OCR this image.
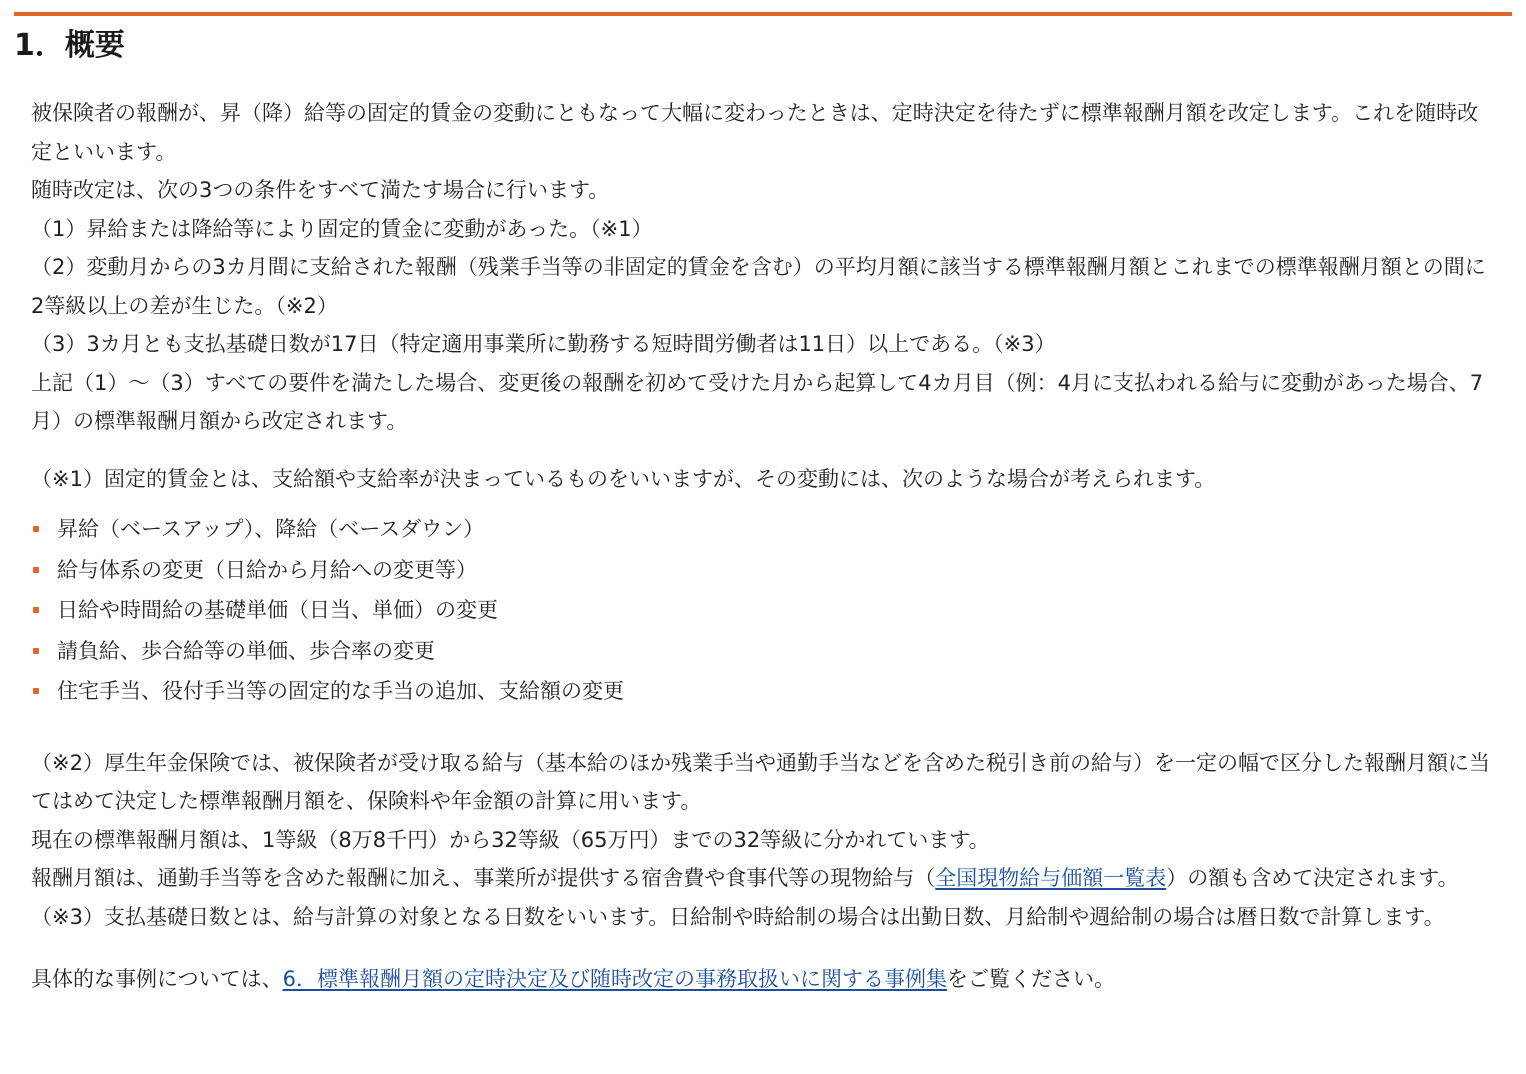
1．概要

被保険者の報酬が、昇（降）給等の固定的賃金の変動にともなって大幅に変わったときは、定時決定を待たずに標準報酬月額を改定します。これを随時改定といいます。

随時改定は、次の3つの条件をすべて満たす場合に行います。

（1）昇給または降給等により固定的賃金に変動があった。（※1）

（2）変動月からの3カ月間に支給された報酬（残業手当等の非固定的賃金を含む）の平均月額に該当する標準報酬月額とこれまでの標準報酬月額との間に2等級以上の差が生じた。（※2）

（3）3カ月とも支払基礎日数が17日（特定適用事業所に勤務する短時間労働者は11日）以上である。（※3）

上記（1）～（3）すべての要件を満たした場合、変更後の報酬を初めて受けた月から起算して4カ月目（例：4月に支払われる給与に変動があった場合、7月）の標準報酬月額から改定されます。

（※1）固定的賃金とは、支給額や支給率が決まっているものをいいますが、その変動には、次のような場合が考えられます。

昇給（ベースアップ）、降給（ベースダウン）
給与体系の変更（日給から月給への変更等）
日給や時間給の基礎単価（日当、単価）の変更
請負給、歩合給等の単価、歩合率の変更
住宅手当、役付手当等の固定的な手当の追加、支給額の変更

（※2）厚生年金保険では、被保険者が受け取る給与（基本給のほか残業手当や通勤手当などを含めた税引き前の給与）を一定の幅で区分した報酬月額に当てはめて決定した標準報酬月額を、保険料や年金額の計算に用います。

現在の標準報酬月額は、1等級（8万8千円）から32等級（65万円）までの32等級に分かれています。

報酬月額は、通勤手当等を含めた報酬に加え、事業所が提供する宿舎費や食事代等の現物給与（全国現物給与価額一覧表）の額も含めて決定されます。

（※3）支払基礎日数とは、給与計算の対象となる日数をいいます。日給制や時給制の場合は出勤日数、月給制や週給制の場合は暦日数で計算します。

具体的な事例については、6．標準報酬月額の定時決定及び随時改定の事務取扱いに関する事例集をご覧ください。
